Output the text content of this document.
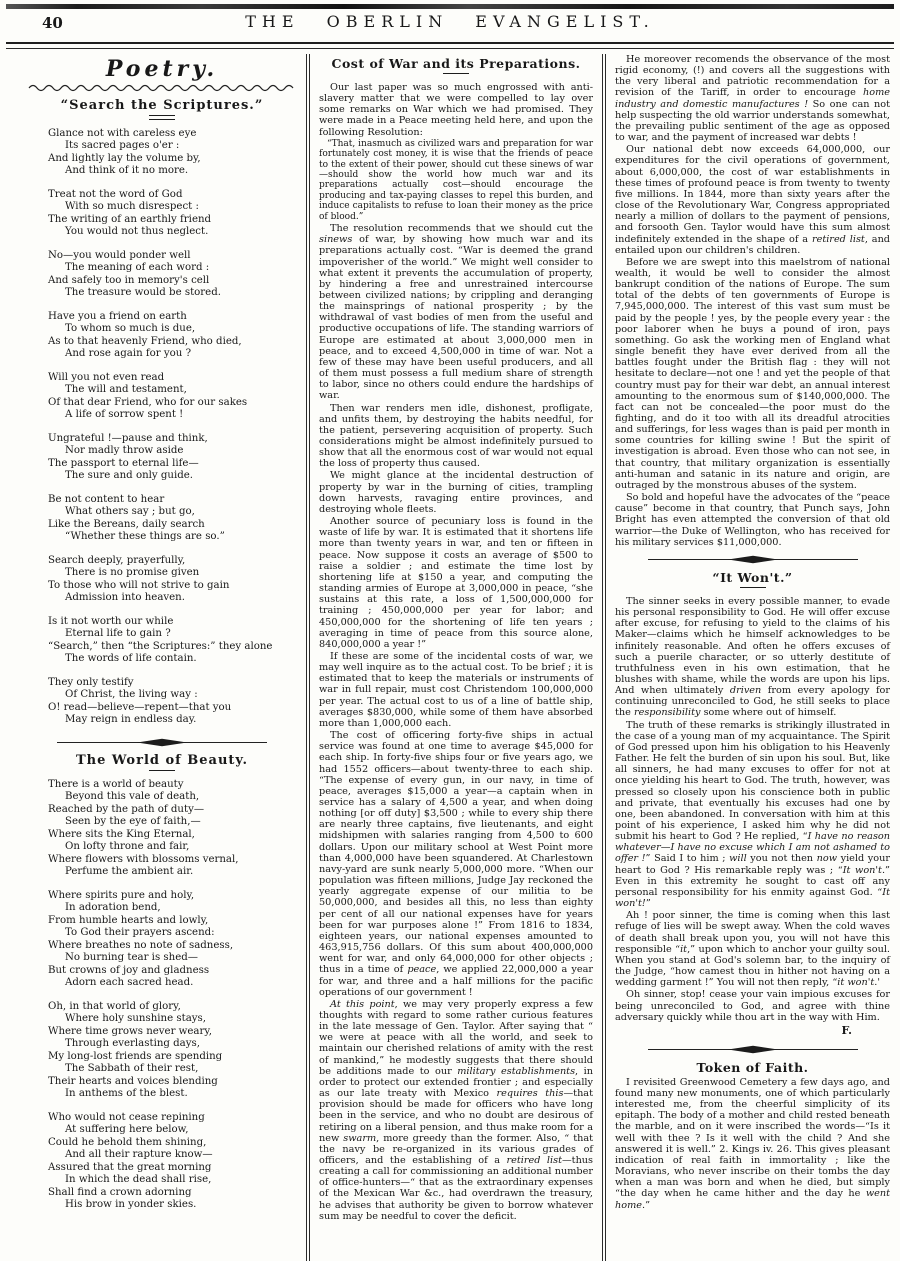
40	THE OBERLIN EVANGELIST.
Poetry.
“Search the Scriptures.”
Glance not with careless eye
Its sacred pages o'er :
And lightly lay the volume by,
And think of it no more.
Treat not the word of God
With so much disrespect :
The writing of an earthly friend
You would not thus neglect.
No—you would ponder well
The meaning of each word :
And safely too in memory's cell
The treasure would be stored.
Have you a friend on earth
To whom so much is due,
As to that heavenly Friend, who died,
And rose again for you ?
Will you not even read
The will and testament,
Of that dear Friend, who for our sakes
A life of sorrow spent !
Ungrateful !—pause and think,
Nor madly throw aside
The passport to eternal life—
The sure and only guide.
Be not content to hear
What others say ; but go,
Like the Bereans, daily search
“Whether these things are so.”
Search deeply, prayerfully,
There is no promise given
To those who will not strive to gain
Admission into heaven.
Is it not worth our while
Eternal life to gain ?
“Search,” then “the Scriptures:” they alone
The words of life contain.
They only testify
Of Christ, the living way :
O! read—believe—repent—that you
May reign in endless day.
The World of Beauty.
There is a world of beauty
Beyond this vale of death,
Reached by the path of duty—
Seen by the eye of faith,—
Where sits the King Eternal,
On lofty throne and fair,
Where flowers with blossoms vernal,
Perfume the ambient air.
Where spirits pure and holy,
In adoration bend,
From humble hearts and lowly,
To God their prayers ascend:
Where breathes no note of sadness,
No burning tear is shed—
But crowns of joy and gladness
Adorn each sacred head.
Oh, in that world of glory,
Where holy sunshine stays,
Where time grows never weary,
Through everlasting days,
My long-lost friends are spending
The Sabbath of their rest,
Their hearts and voices blending
In anthems of the blest.
Who would not cease repining
At suffering here below,
Could he behold them shining,
And all their rapture know—
Assured that the great morning
In which the dead shall rise,
Shall find a crown adorning
His brow in yonder skies.
Cost of War and its Preparations.

Our last paper was so much engrossed with anti-slavery matter that we were compelled to lay over some remarks on War which we had promised. They were made in a Peace meeting held here, and upon the following Resolution:

“That, inasmuch as civilized wars and preparation for war fortunately cost money, it is wise that the friends of peace to the extent of their power, should cut these sinews of war—should show the world how much war and its preparations actually cost—should encourage the producing and tax-paying classes to repel this burden, and induce capitalists to refuse to loan their money as the price of blood.”

The resolution recommends that we should cut the sinews of war, by showing how much war and its preparations actually cost. “War is deemed the grand impoverisher of the world.” We might well consider to what extent it prevents the accumulation of property, by hindering a free and unrestrained intercourse between civilized nations; by crippling and deranging the mainsprings of national prosperity ; by the withdrawal of vast bodies of men from the useful and productive occupations of life. The standing warriors of Europe are estimated at about 3,000,000 men in peace, and to exceed 4,500,000 in time of war. Not a few of these may have been useful producers, and all of them must possess a full medium share of strength to labor, since no others could endure the hardships of war.

Then war renders men idle, dishonest, profligate, and unfits them, by destroying the habits needful, for the patient, persevering acquisition of property. Such considerations might be almost indefinitely pursued to show that all the enormous cost of war would not equal the loss of property thus caused.

We might glance at the incidental destruction of property by war in the burning of cities, trampling down harvests, ravaging entire provinces, and destroying whole fleets.

Another source of pecuniary loss is found in the waste of life by war. It is estimated that it shortens life more than twenty years in war, and ten or fifteen in peace. Now suppose it costs an average of $500 to raise a soldier ; and estimate the time lost by shortening life at $150 a year, and computing the standing armies of Europe at 3,000,000 in peace, “she sustains at this rate, a loss of 1,500,000,000 for training ; 450,000,000 per year for labor; and 450,000,000 for the shortening of life ten years ; averaging in time of peace from this source alone, 840,000,000 a year !”

If these are some of the incidental costs of war, we may well inquire as to the actual cost. To be brief ; it is estimated that to keep the materials or instruments of war in full repair, must cost Christendom 100,000,000 per year. The actual cost to us of a line of battle ship, averages $830,000, while some of them have absorbed more than 1,000,000 each.

The cost of officering forty-five ships in actual service was found at one time to average $45,000 for each ship. In forty-five ships four or five years ago, we had 1552 officers—about twenty-three to each ship. “The expense of every gun, in our navy, in time of peace, averages $15,000 a year—a captain when in service has a salary of 4,500 a year, and when doing nothing [or off duty] $3,500 ; while to every ship there are nearly three captains, five lieutenants, and eight midshipmen with salaries ranging from 4,500 to 600 dollars. Upon our military school at West Point more than 4,000,000 have been squandered. At Charlestown navy-yard are sunk nearly 5,000,000 more. “When our population was fifteen millions, Judge Jay reckoned the yearly aggregate expense of our militia to be 50,000,000, and besides all this, no less than eighty per cent of all our national expenses have for years been for war purposes alone !” From 1816 to 1834, eighteen years, our national expenses amounted to 463,915,756 dollars. Of this sum about 400,000,000 went for war, and only 64,000,000 for other objects ; thus in a time of peace, we applied 22,000,000 a year for war, and three and a half millions for the pacific operations of our government !

At this point, we may very properly express a few thoughts with regard to some rather curious features in the late message of Gen. Taylor. After saying that “ we were at peace with all the world, and seek to maintain our cherished relations of amity with the rest of mankind,” he modestly suggests that there should be additions made to our military establishments, in order to protect our extended frontier ; and especially as our late treaty with Mexico requires this—that provision should be made for officers who have long been in the service, and who no doubt are desirous of retiring on a liberal pension, and thus make room for a new swarm, more greedy than the former. Also, “ that the navy be re-organized in its various grades of officers, and the establishing of a retired list—thus creating a call for commissioning an additional number of office-hunters—“ that as the extraordinary expenses of the Mexican War &c., had overdrawn the treasury, he advises that authority be given to borrow whatever sum may be needful to cover the deficit.

He moreover recomends the observance of the most rigid economy, (!) and covers all the suggestions with the very liberal and patriotic recommendation for a revision of the Tariff, in order to encourage home industry and domestic manufactures ! So one can not help suspecting the old warrior understands somewhat, the prevailing public sentiment of the age as opposed to war, and the payment of increased war debts !

Our national debt now exceeds 64,000,000, our expenditures for the civil operations of government, about 6,000,000, the cost of war establishments in these times of profound peace is from twenty to twenty five millions. In 1844, more than sixty years after the close of the Revolutionary War, Congress appropriated nearly a million of dollars to the payment of pensions, and forsooth Gen. Taylor would have this sum almost indefinitely extended in the shape of a retired list, and entailed upon our children's children.

Before we are swept into this maelstrom of national wealth, it would be well to consider the almost bankrupt condition of the nations of Europe. The sum total of the debts of ten governments of Europe is 7,945,000,000. The interest of this vast sum must be paid by the people ! yes, by the people every year : the poor laborer when he buys a pound of iron, pays something. Go ask the working men of England what single benefit they have ever derived from all the battles fought under the British flag : they will not hesitate to declare—not one ! and yet the people of that country must pay for their war debt, an annual interest amounting to the enormous sum of $140,000,000. The fact can not be concealed—the poor must do the fighting, and do it too with all its dreadful atrocities and sufferings, for less wages than is paid per month in some countries for killing swine ! But the spirit of investigation is abroad. Even those who can not see, in that country, that military organization is essentially anti-human and satanic in its nature and origin, are outraged by the monstrous abuses of the system.

So bold and hopeful have the advocates of the “peace cause” become in that country, that Punch says, John Bright has even attempted the conversion of that old warrior—the Duke of Wellington, who has received for his military services $11,000,000.

“It Won't.”

The sinner seeks in every possible manner, to evade his personal responsibility to God. He will offer excuse after excuse, for refusing to yield to the claims of his Maker—claims which he himself acknowledges to be infinitely reasonable. And often he offers excuses of such a puerile character, or so utterly destitute of truthfulness even in his own estimation, that he blushes with shame, while the words are upon his lips. And when ultimately driven from every apology for continuing unreconciled to God, he still seeks to place the responsibility some where out of himself.

The truth of these remarks is strikingly illustrated in the case of a young man of my acquaintance. The Spirit of God pressed upon him his obligation to his Heavenly Father. He felt the burden of sin upon his soul. But, like all sinners, he had many excuses to offer for not at once yielding his heart to God. The truth, however, was pressed so closely upon his conscience both in public and private, that eventually his excuses had one by one, been abandoned. In conversation with him at this point of his experience, I asked him why he did not submit his heart to God ? He replied, “I have no reason whatever—I have no excuse which I am not ashamed to offer !” Said I to him ; will you not then now yield your heart to God ? His remarkable reply was ; “It won't.” Even in this extremity he sought to cast off any personal responsibility for his enmity against God. “It won't!”

Ah ! poor sinner, the time is coming when this last refuge of lies will be swept away. When the cold waves of death shall break upon you, you will not have this responsible “it,” upon which to anchor your guilty soul. When you stand at God's solemn bar, to the inquiry of the Judge, “how camest thou in hither not having on a wedding garment !” You will not then reply, “it won't.'

Oh sinner, stop! cease your vain impious excuses for being unreconciled to God, and agree with thine adversary quickly while thou art in the way with Him.

F.
Token of Faith.

I revisited Greenwood Cemetery a few days ago, and found many new monuments, one of which particularly interested me, from the cheerful simplicity of its epitaph. The body of a mother and child rested beneath the marble, and on it were inscribed the words—“Is it well with thee ? Is it well with the child ? And she answered it is well.” 2. Kings iv. 26. This gives pleasant indication of real faith in immortality ; like the Moravians, who never inscribe on their tombs the day when a man was born and when he died, but simply “the day when he came hither and the day he went home.”
